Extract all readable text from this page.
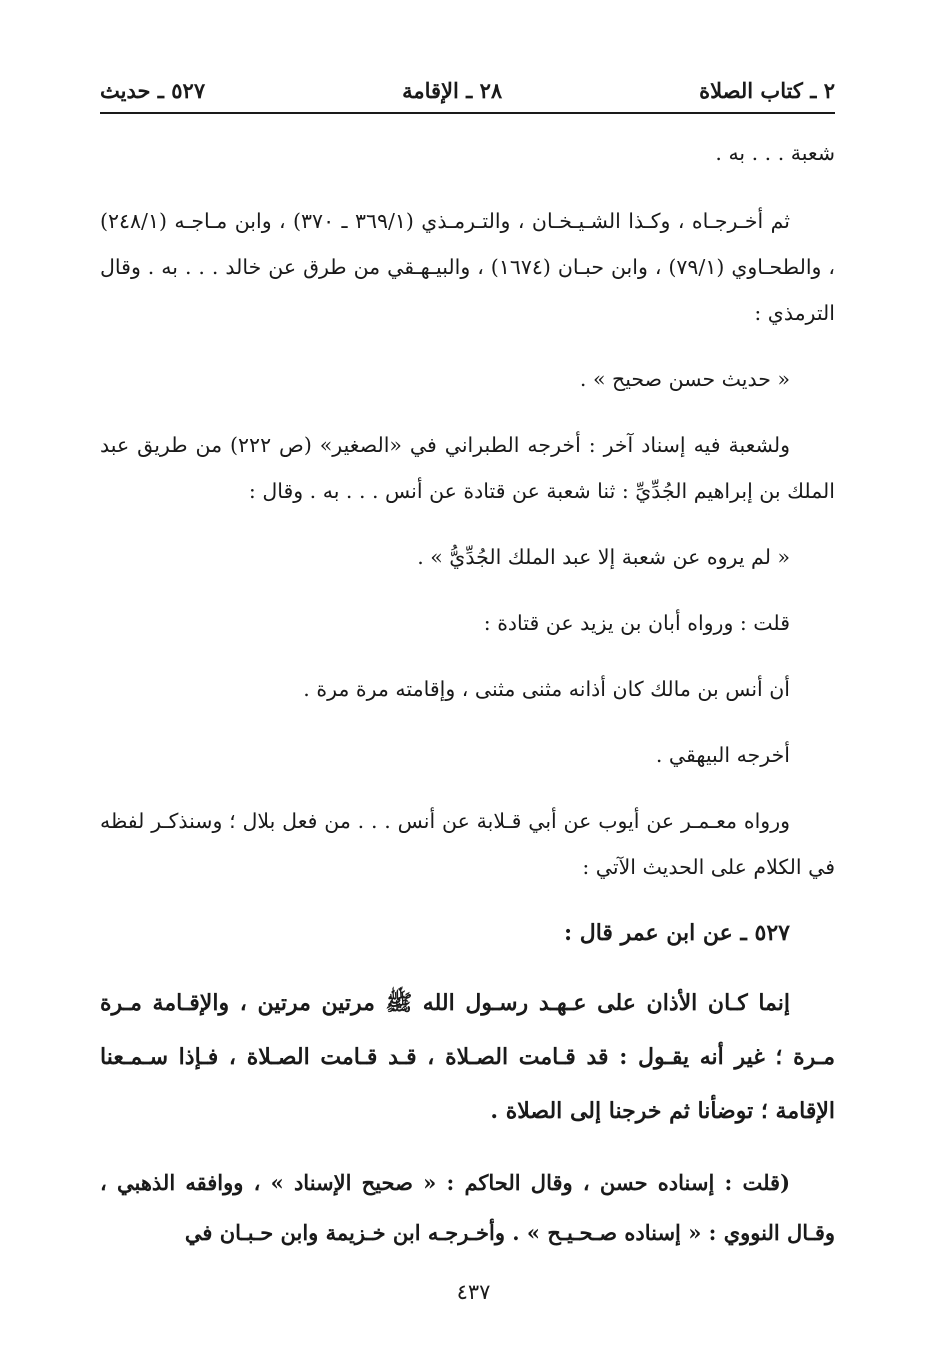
٢ ـ كتاب الصلاة
٢٨ ـ الإقامة
٥٢٧ ـ حديث

شعبة . . . به .

ثم أخـرجـاه ، وكـذا الشـيـخـان ، والتـرمـذي (٣٦٩/١ ـ ٣٧٠) ، وابن مـاجـه (٢٤٨/١) ، والطحـاوي (٧٩/١) ، وابن حبـان (١٦٧٤) ، والبيـهـقي من طرق عن خالد . . . به . وقال الترمذي :

« حديث حسن صحيح » .

ولشعبة فيه إسناد آخر : أخرجه الطبراني في «الصغير» (ص ٢٢٢) من طريق عبد الملك بن إبراهيم الجُدِّيِّ : ثنا شعبة عن قتادة عن أنس . . . به . وقال :

« لم يروه عن شعبة إلا عبد الملك الجُدِّيُّ » .

قلت : ورواه أبان بن يزيد عن قتادة :

أن أنس بن مالك كان أذانه مثنى مثنى ، وإقامته مرة مرة .

أخرجه البيهقي .

ورواه معـمـر عن أيوب عن أبي قـلابة عن أنس . . . من فعل بلال ؛ وسنذكـر لفظه في الكلام على الحديث الآتي :

٥٢٧ ـ عن ابن عمر قال :

إنما كـان الأذان على عـهـد رسـول الله ﷺ مرتين مرتين ، والإقـامة مـرة مـرة ؛ غير أنه يقـول : قد قـامت الصـلاة ، قـد قـامت الصـلاة ، فـإذا سـمـعنا الإقامة ؛ توضأنا ثم خرجنا إلى الصلاة .

(قلت : إسناده حسن ، وقال الحاكم : « صحيح الإسناد » ، ووافقه الذهبي ، وقـال النووي : « إسناده صـحـيـح » . وأخـرجـه ابن خـزيمة وابن حـبـان في

٤٣٧
